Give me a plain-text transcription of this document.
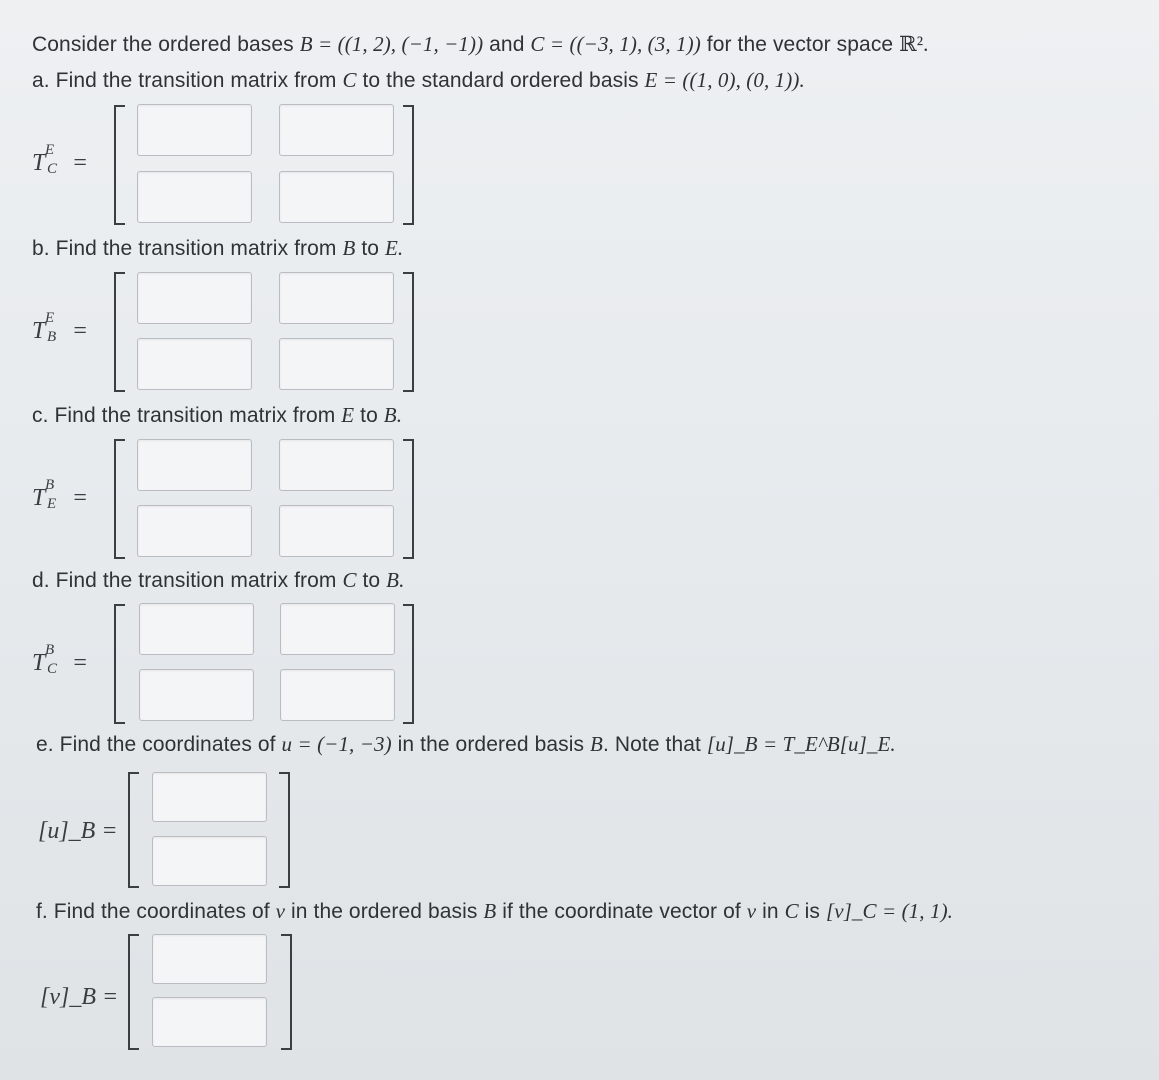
Consider the ordered bases B = ((1, 2), (−1, −1)) and C = ((−3, 1), (3, 1)) for the vector space ℝ².
a. Find the transition matrix from C to the standard ordered basis E = ((1, 0), (0, 1)).
T E
C =
b. Find the transition matrix from B to E.
T E
B =
c. Find the transition matrix from E to B.
T B
E =
d. Find the transition matrix from C to B.
T B
C =
e. Find the coordinates of u = (−1, −3) in the ordered basis B. Note that [u]_B = T_E^B[u]_E.
[u]_B =
f. Find the coordinates of v in the ordered basis B if the coordinate vector of v in C is [v]_C = (1, 1).
[v]_B =
